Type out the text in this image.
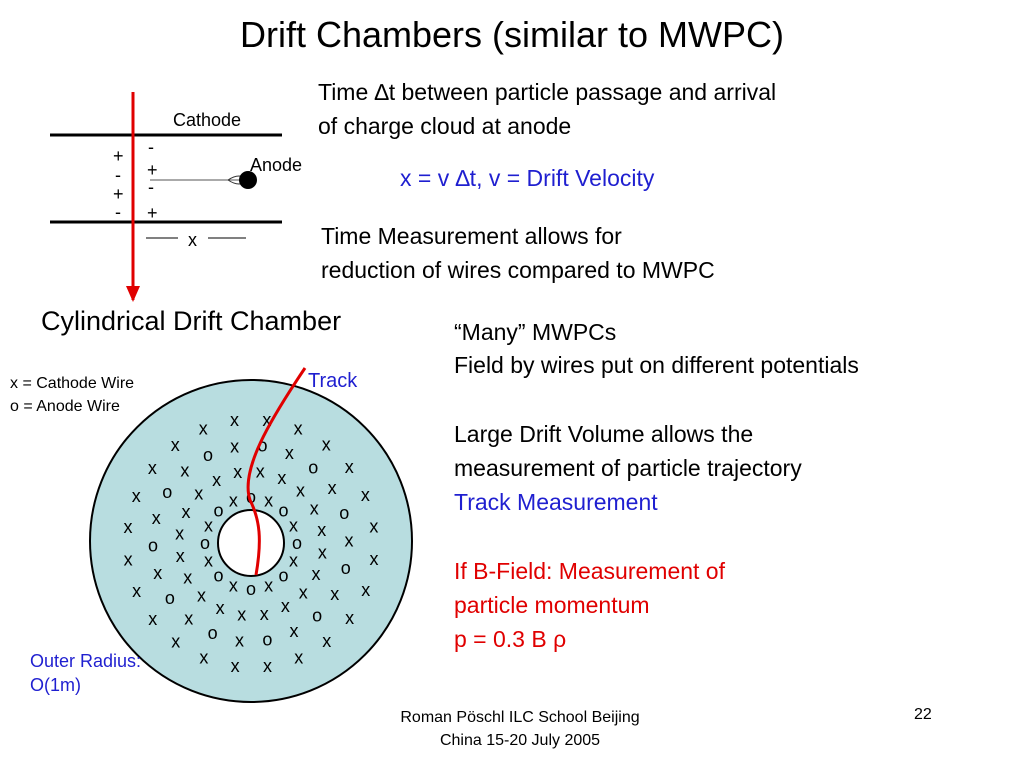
Drift Chambers (similar to MWPC)
Cathode
Anode
+
-
+
-
-
+
-
+
x
Time ∆t between particle passage and arrival
of charge cloud at anode
x = v ∆t, v = Drift Velocity
Time Measurement allows for
reduction of wires compared to MWPC
Cylindrical Drift Chamber
x = Cathode Wire
o = Anode Wire
o
x
o
x
o
x
o
x
o
x
o x o x o
x
x
x
x
x
x
x
x
x
x
x
x
x
x
x x x x
x
x
x
o
x
o
x
o
x
o
x
o
x
o
x
o
x
o x o x
o
x
o
x
x
x
x
x
x
x
x
x
x
x
x
x
x
x
x
x x x x
x
x
x
x
x
Track
Outer Radius:
O(1m)
“Many” MWPCs
Field by wires put on different potentials
Large Drift Volume allows the
measurement of particle trajectory
Track Measurement
If B-Field: Measurement of
particle momentum
p = 0.3 B ρ
Roman Pöschl ILC School Beijing
China 15-20 July 2005
22
